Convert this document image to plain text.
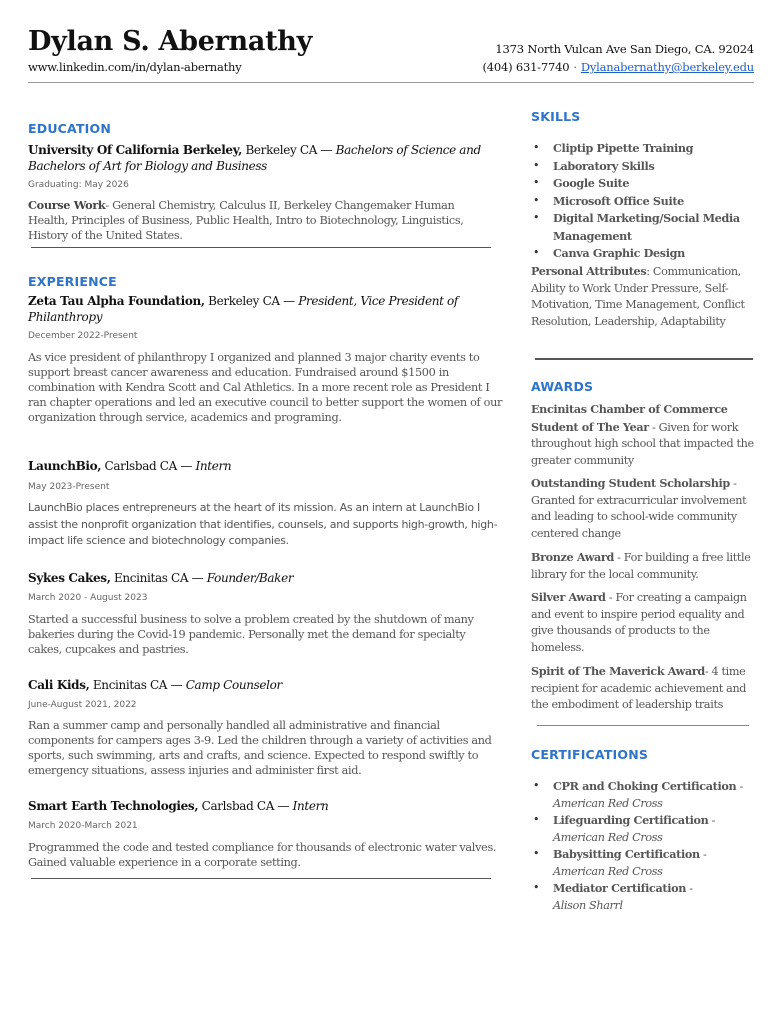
Dylan S. Abernathy
www.linkedin.com/in/dylan-abernathy
1373 North Vulcan Ave San Diego, CA. 92024
(404) 631-7740 · Dylanabernathy@berkeley.edu
EDUCATION
University Of California Berkeley, Berkeley CA — Bachelors of Science and Bachelors of Art for Biology and Business
Graduating: May 2026
Course Work- General Chemistry, Calculus II, Berkeley Changemaker Human Health, Principles of Business, Public Health, Intro to Biotechnology, Linguistics, History of the United States.
EXPERIENCE
Zeta Tau Alpha Foundation, Berkeley CA — President, Vice President of Philanthropy
December 2022-Present
As vice president of philanthropy I organized and planned 3 major charity events to support breast cancer awareness and education. Fundraised around $1500 in combination with Kendra Scott and Cal Athletics. In a more recent role as President I ran chapter operations and led an executive council to better support the women of our organization through service, academics and programing.
LaunchBio, Carlsbad CA — Intern
May 2023-Present
LaunchBio places entrepreneurs at the heart of its mission. As an intern at LaunchBio I assist the nonprofit organization that identifies, counsels, and supports high-growth, high-impact life science and biotechnology companies.
Sykes Cakes, Encinitas CA — Founder/Baker
March 2020 - August 2023
Started a successful business to solve a problem created by the shutdown of many bakeries during the Covid-19 pandemic. Personally met the demand for specialty cakes, cupcakes and pastries.
Cali Kids, Encinitas CA — Camp Counselor
June-August 2021, 2022
Ran a summer camp and personally handled all administrative and financial components for campers ages 3-9. Led the children through a variety of activities and sports, such swimming, arts and crafts, and science. Expected to respond swiftly to emergency situations, assess injuries and administer first aid.
Smart Earth Technologies, Carlsbad CA — Intern
March 2020-March 2021
Programmed the code and tested compliance for thousands of electronic water valves. Gained valuable experience in a corporate setting.
SKILLS
• Cliptip Pipette Training
• Laboratory Skills
• Google Suite
• Microsoft Office Suite
• Digital Marketing/Social Media Management
• Canva Graphic Design
Personal Attributes: Communication, Ability to Work Under Pressure, Self-Motivation, Time Management, Conflict Resolution, Leadership, Adaptability
AWARDS
Encinitas Chamber of Commerce Student of The Year - Given for work throughout high school that impacted the greater community
Outstanding Student Scholarship - Granted for extracurricular involvement and leading to school-wide community centered change
Bronze Award - For building a free little library for the local community.
Silver Award - For creating a campaign and event to inspire period equality and give thousands of products to the homeless.
Spirit of The Maverick Award- 4 time recipient for academic achievement and the embodiment of leadership traits
CERTIFICATIONS
• CPR and Choking Certification -
American Red Cross
• Lifeguarding Certification -
American Red Cross
• Babysitting Certification -
American Red Cross
• Mediator Certification -
Alison Sharrl
